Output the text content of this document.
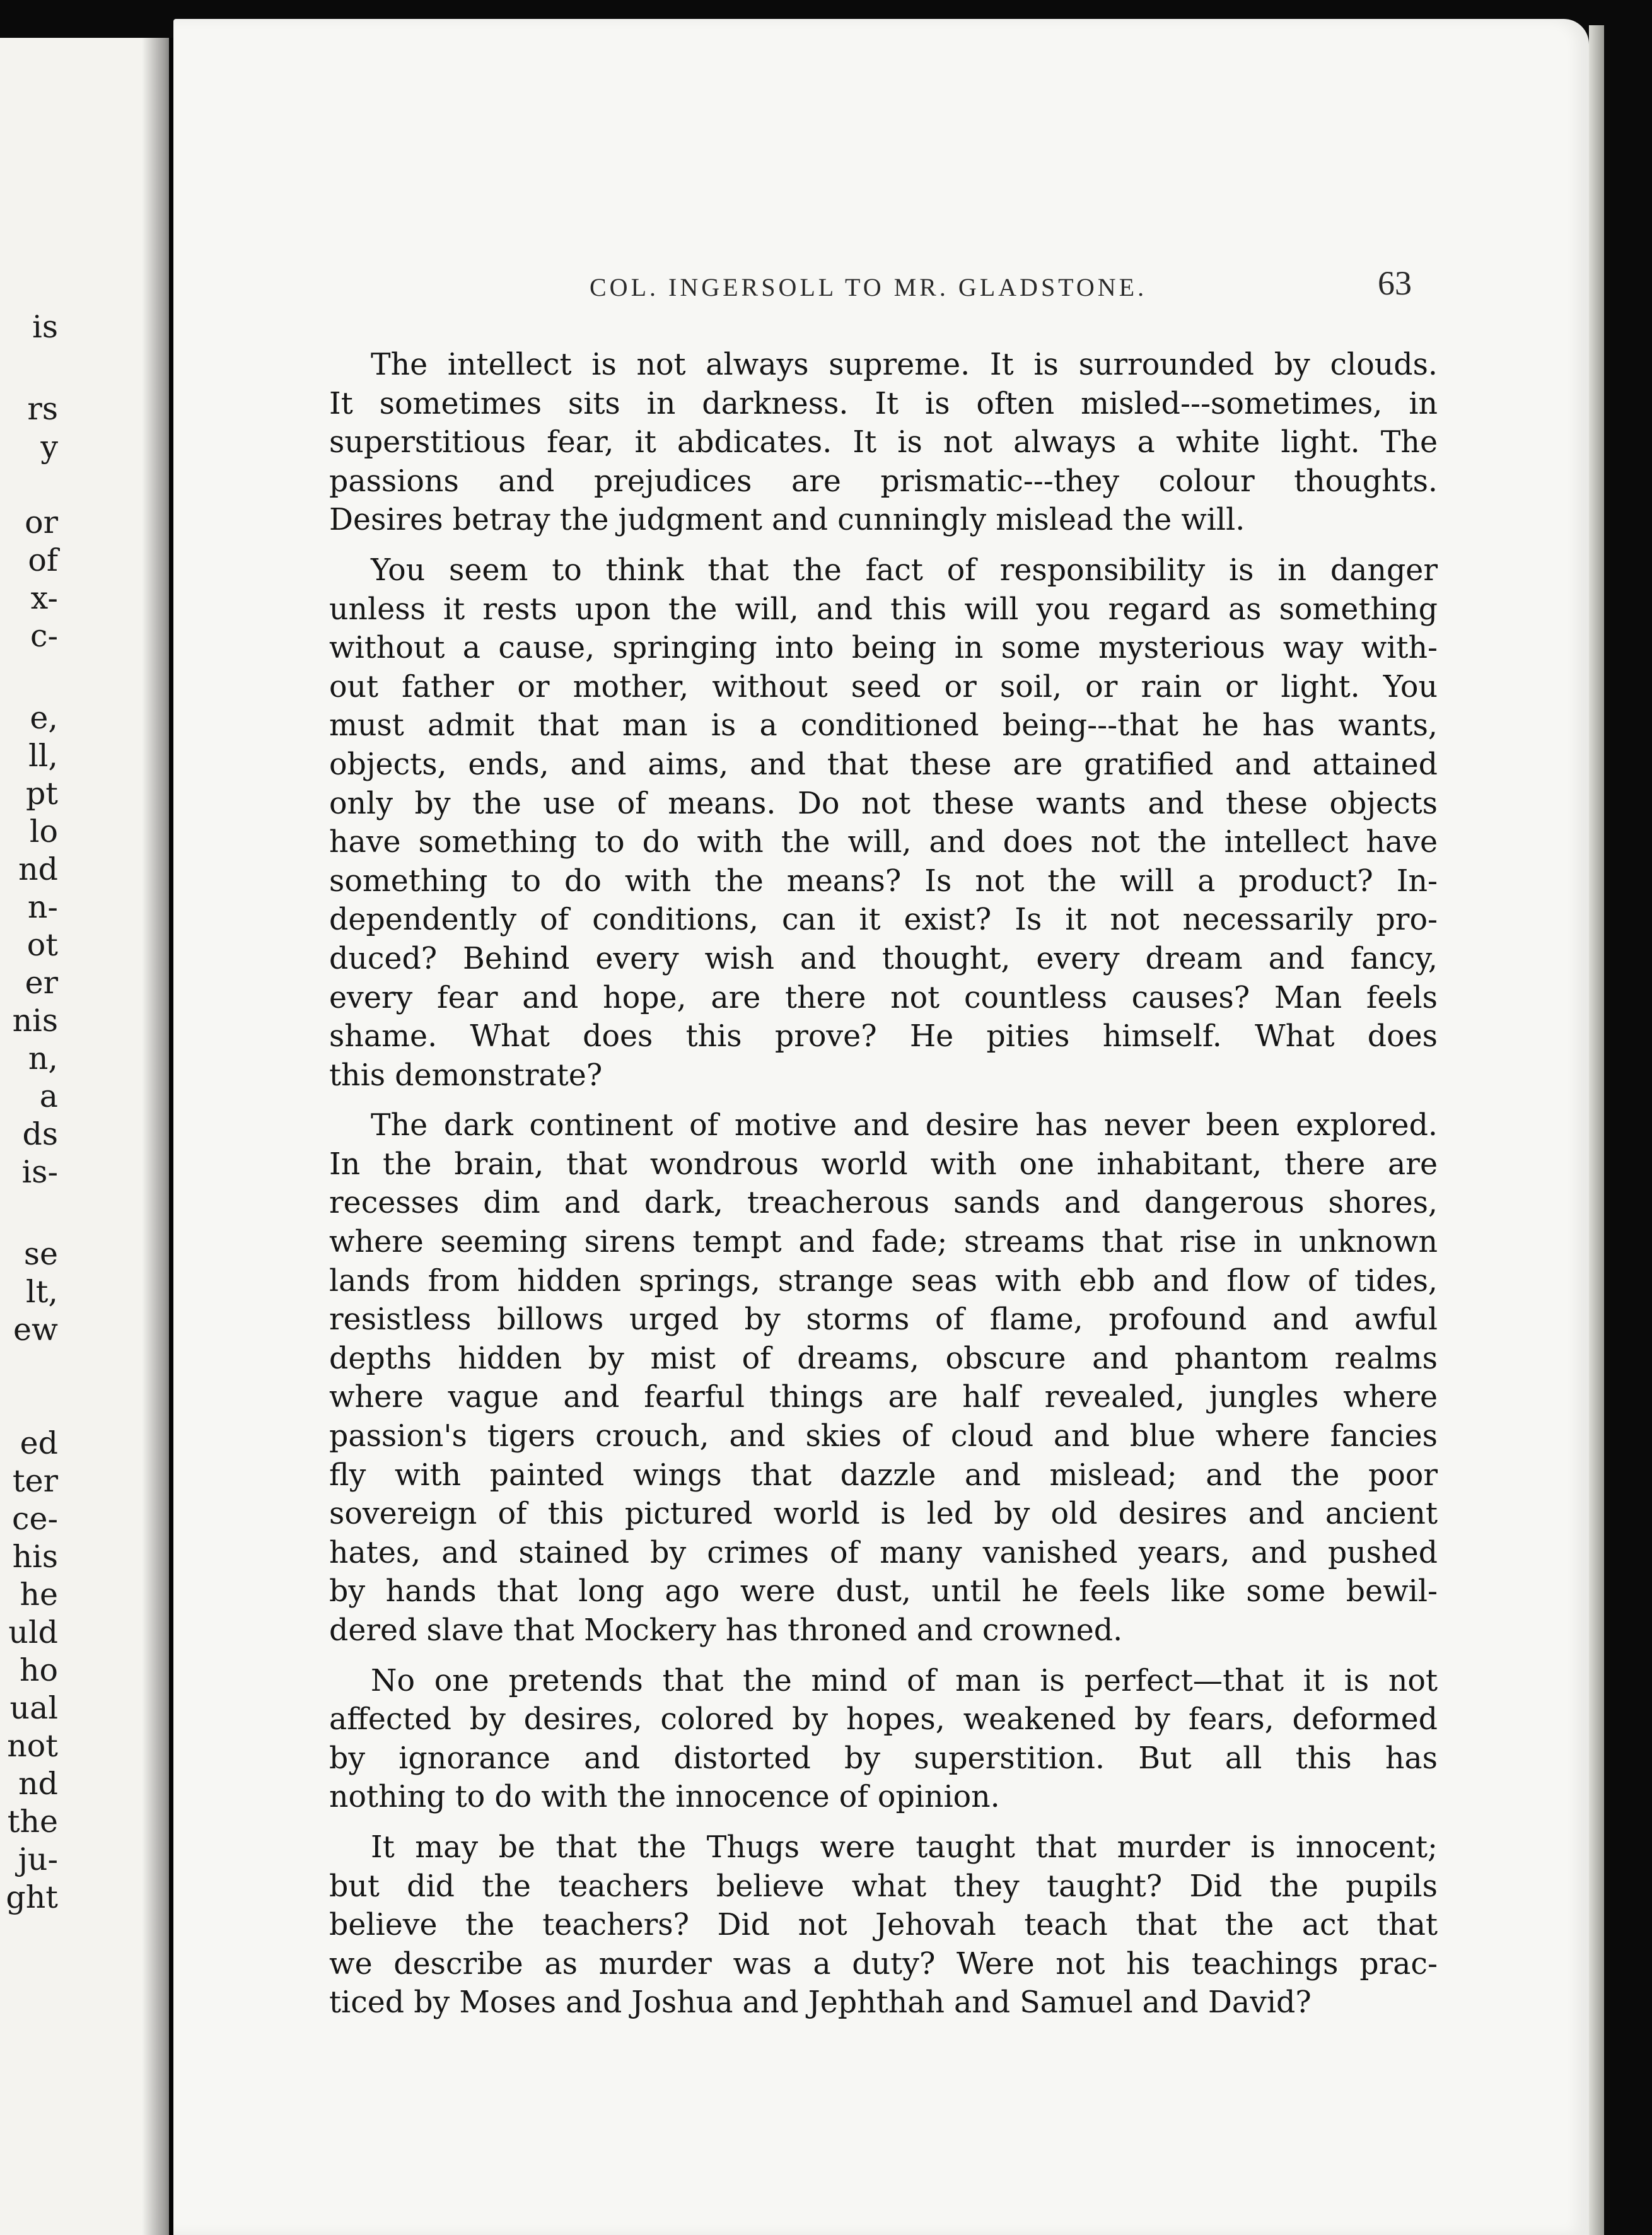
is
rs
y
or
of
x-
c-
e,
ll,
pt
lo
nd
n-
ot
er
nis
n,
a
ds
is-
se
lt,
ew
ed
ter
ce-
his
he
uld
ho
ual
not
nd
the
ju-
ght
COL. INGERSOLL TO MR. GLADSTONE.	63
The intellect is not always supreme. It is surrounded by clouds.
It sometimes sits in darkness. It is often misled---sometimes, in
superstitious fear, it abdicates. It is not always a white light. The
passions and prejudices are prismatic---they colour thoughts.
Desires betray the judgment and cunningly mislead the will.
You seem to think that the fact of responsibility is in danger
unless it rests upon the will, and this will you regard as something
without a cause, springing into being in some mysterious way with-
out father or mother, without seed or soil, or rain or light. You
must admit that man is a conditioned being---that he has wants,
objects, ends, and aims, and that these are gratified and attained
only by the use of means. Do not these wants and these objects
have something to do with the will, and does not the intellect have
something to do with the means? Is not the will a product? In-
dependently of conditions, can it exist? Is it not necessarily pro-
duced? Behind every wish and thought, every dream and fancy,
every fear and hope, are there not countless causes? Man feels
shame. What does this prove? He pities himself. What does
this demonstrate?
The dark continent of motive and desire has never been explored.
In the brain, that wondrous world with one inhabitant, there are
recesses dim and dark, treacherous sands and dangerous shores,
where seeming sirens tempt and fade; streams that rise in unknown
lands from hidden springs, strange seas with ebb and flow of tides,
resistless billows urged by storms of flame, profound and awful
depths hidden by mist of dreams, obscure and phantom realms
where vague and fearful things are half revealed, jungles where
passion's tigers crouch, and skies of cloud and blue where fancies
fly with painted wings that dazzle and mislead; and the poor
sovereign of this pictured world is led by old desires and ancient
hates, and stained by crimes of many vanished years, and pushed
by hands that long ago were dust, until he feels like some bewil-
dered slave that Mockery has throned and crowned.
No one pretends that the mind of man is perfect—that it is not
affected by desires, colored by hopes, weakened by fears, deformed
by ignorance and distorted by superstition. But all this has
nothing to do with the innocence of opinion.
It may be that the Thugs were taught that murder is innocent;
but did the teachers believe what they taught? Did the pupils
believe the teachers? Did not Jehovah teach that the act that
we describe as murder was a duty? Were not his teachings prac-
ticed by Moses and Joshua and Jephthah and Samuel and David?
